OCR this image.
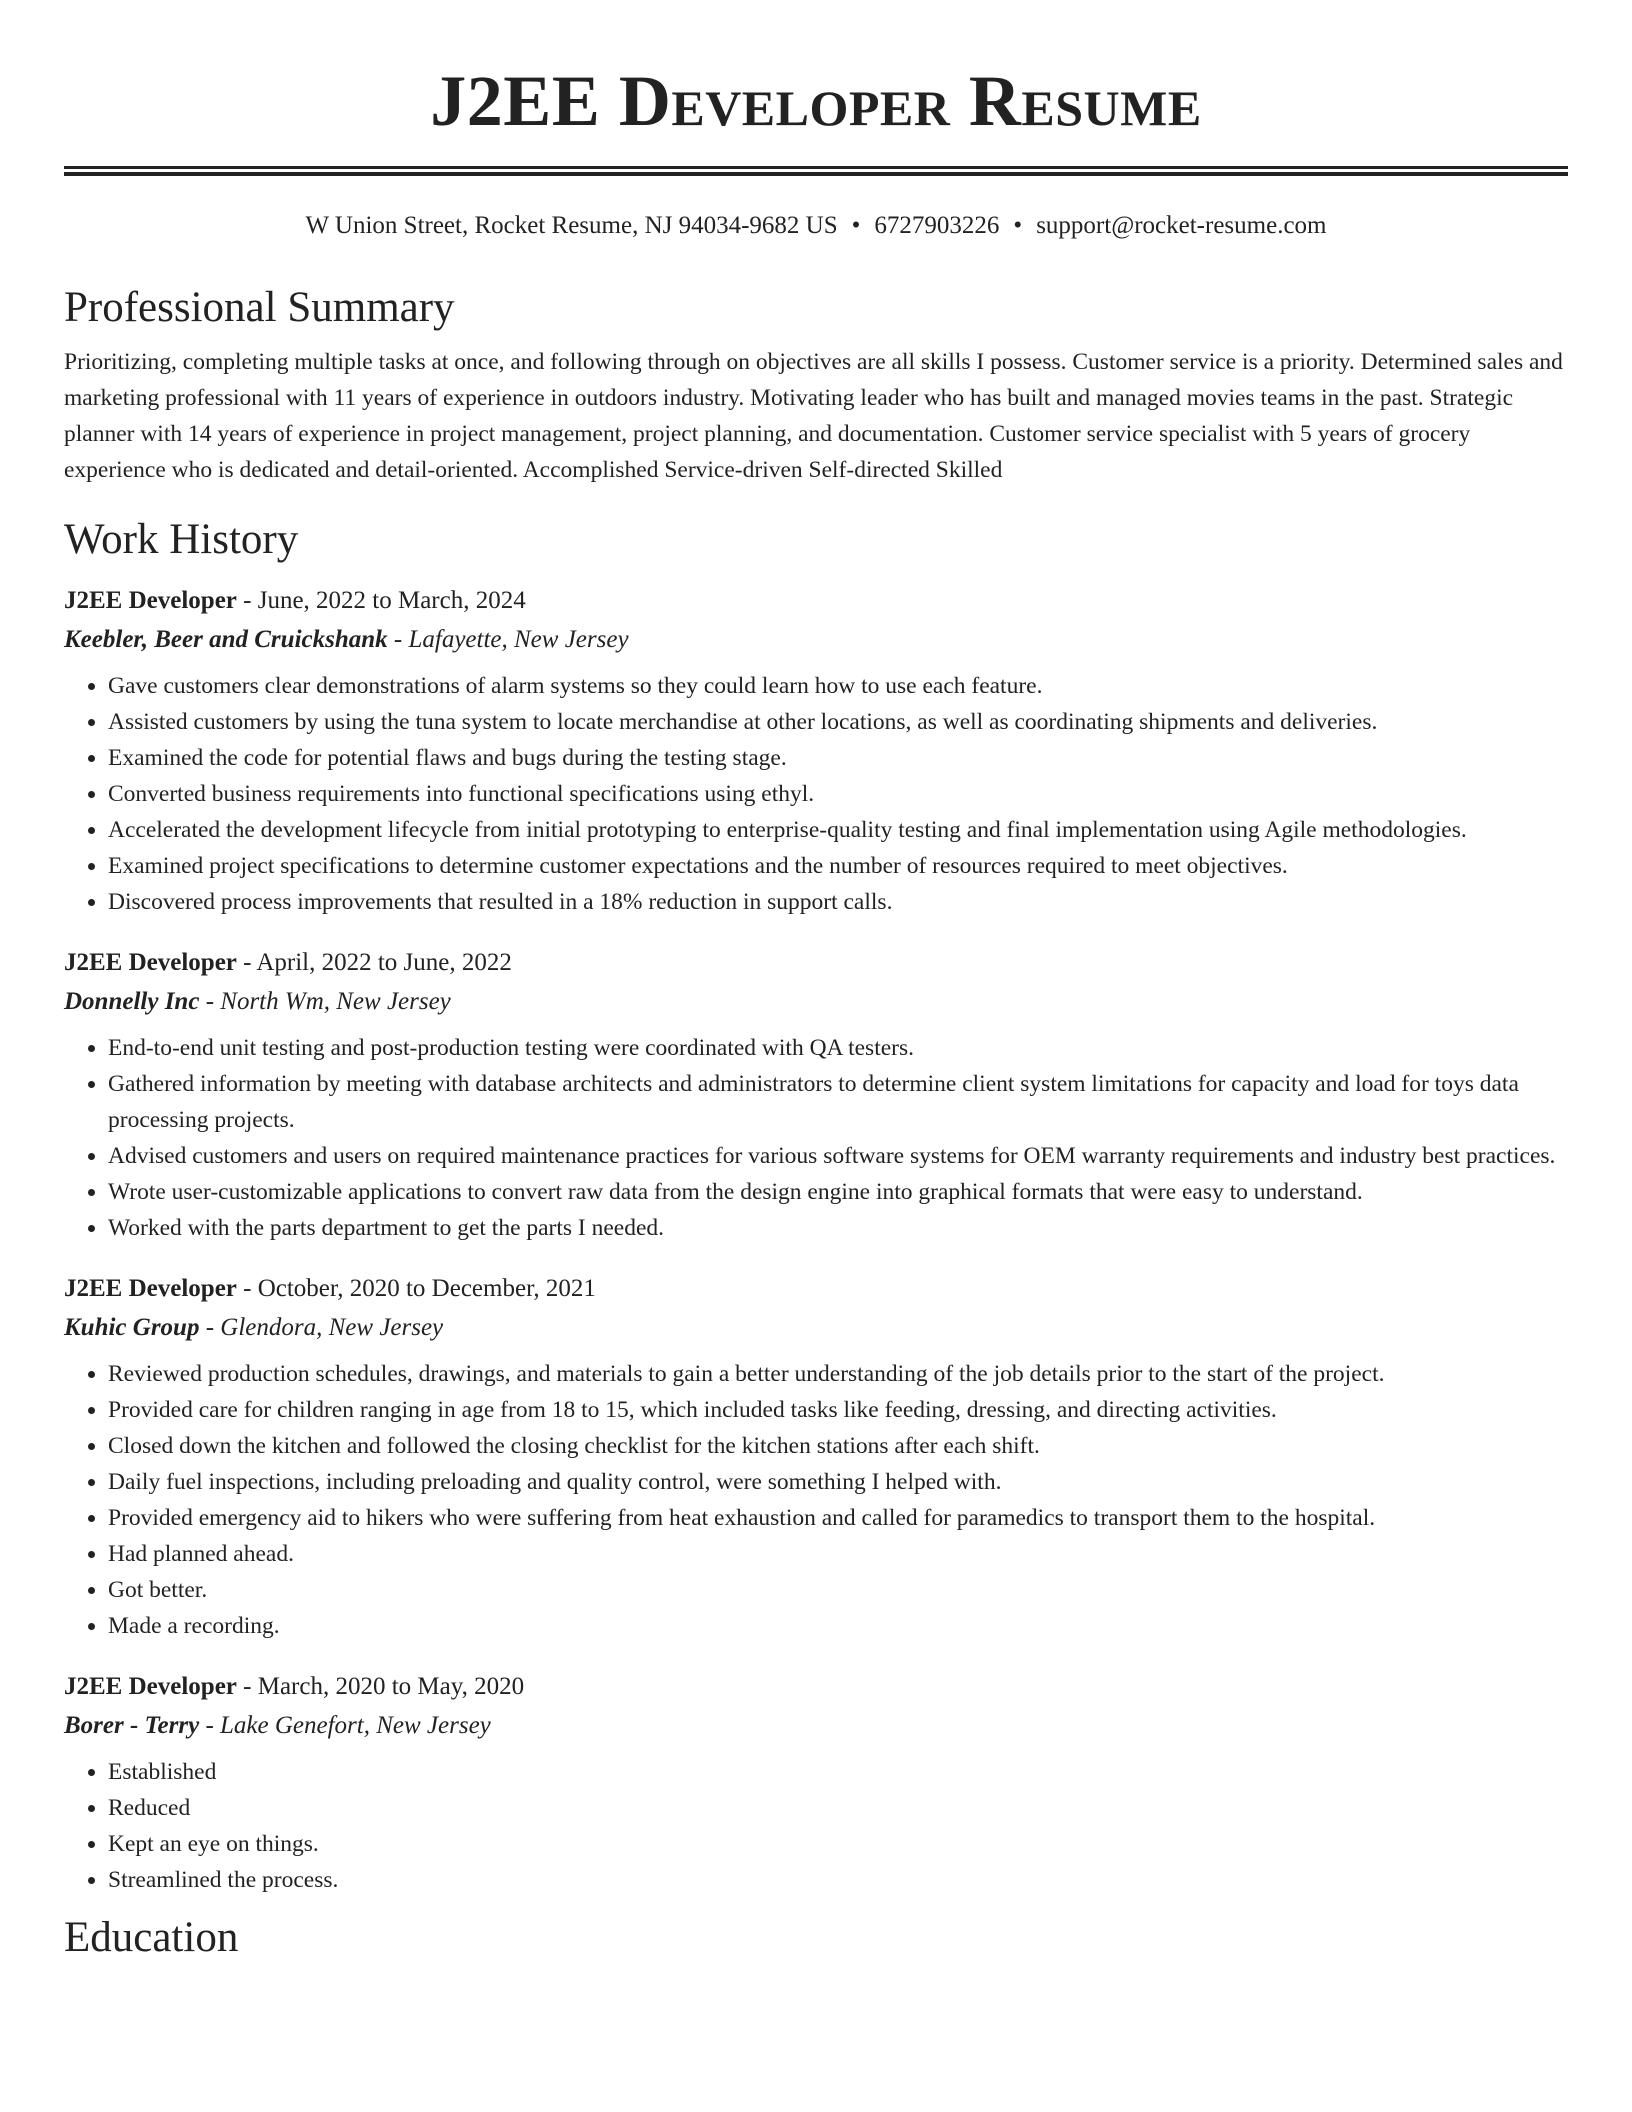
J2EE Developer Resume
W Union Street, Rocket Resume, NJ 94034-9682 US • 6727903226 • support@rocket-resume.com
Professional Summary

Prioritizing, completing multiple tasks at once, and following through on objectives are all skills I possess. Customer service is a priority. Determined sales and marketing professional with 11 years of experience in outdoors industry. Motivating leader who has built and managed movies teams in the past. Strategic planner with 14 years of experience in project management, project planning, and documentation. Customer service specialist with 5 years of grocery experience who is dedicated and detail-oriented. Accomplished Service-driven Self-directed Skilled

Work History
J2EE Developer - June, 2022 to March, 2024
Keebler, Beer and Cruickshank - Lafayette, New Jersey
• Gave customers clear demonstrations of alarm systems so they could learn how to use each feature.
• Assisted customers by using the tuna system to locate merchandise at other locations, as well as coordinating shipments and deliveries.
• Examined the code for potential flaws and bugs during the testing stage.
• Converted business requirements into functional specifications using ethyl.
• Accelerated the development lifecycle from initial prototyping to enterprise-quality testing and final implementation using Agile methodologies.
• Examined project specifications to determine customer expectations and the number of resources required to meet objectives.
• Discovered process improvements that resulted in a 18% reduction in support calls.
J2EE Developer - April, 2022 to June, 2022
Donnelly Inc - North Wm, New Jersey
• End-to-end unit testing and post-production testing were coordinated with QA testers.
• Gathered information by meeting with database architects and administrators to determine client system limitations for capacity and load for toys data processing projects.
• Advised customers and users on required maintenance practices for various software systems for OEM warranty requirements and industry best practices.
• Wrote user-customizable applications to convert raw data from the design engine into graphical formats that were easy to understand.
• Worked with the parts department to get the parts I needed.
J2EE Developer - October, 2020 to December, 2021
Kuhic Group - Glendora, New Jersey
• Reviewed production schedules, drawings, and materials to gain a better understanding of the job details prior to the start of the project.
• Provided care for children ranging in age from 18 to 15, which included tasks like feeding, dressing, and directing activities.
• Closed down the kitchen and followed the closing checklist for the kitchen stations after each shift.
• Daily fuel inspections, including preloading and quality control, were something I helped with.
• Provided emergency aid to hikers who were suffering from heat exhaustion and called for paramedics to transport them to the hospital.
• Had planned ahead.
• Got better.
• Made a recording.
J2EE Developer - March, 2020 to May, 2020
Borer - Terry - Lake Genefort, New Jersey
• Established
• Reduced
• Kept an eye on things.
• Streamlined the process.
Education
